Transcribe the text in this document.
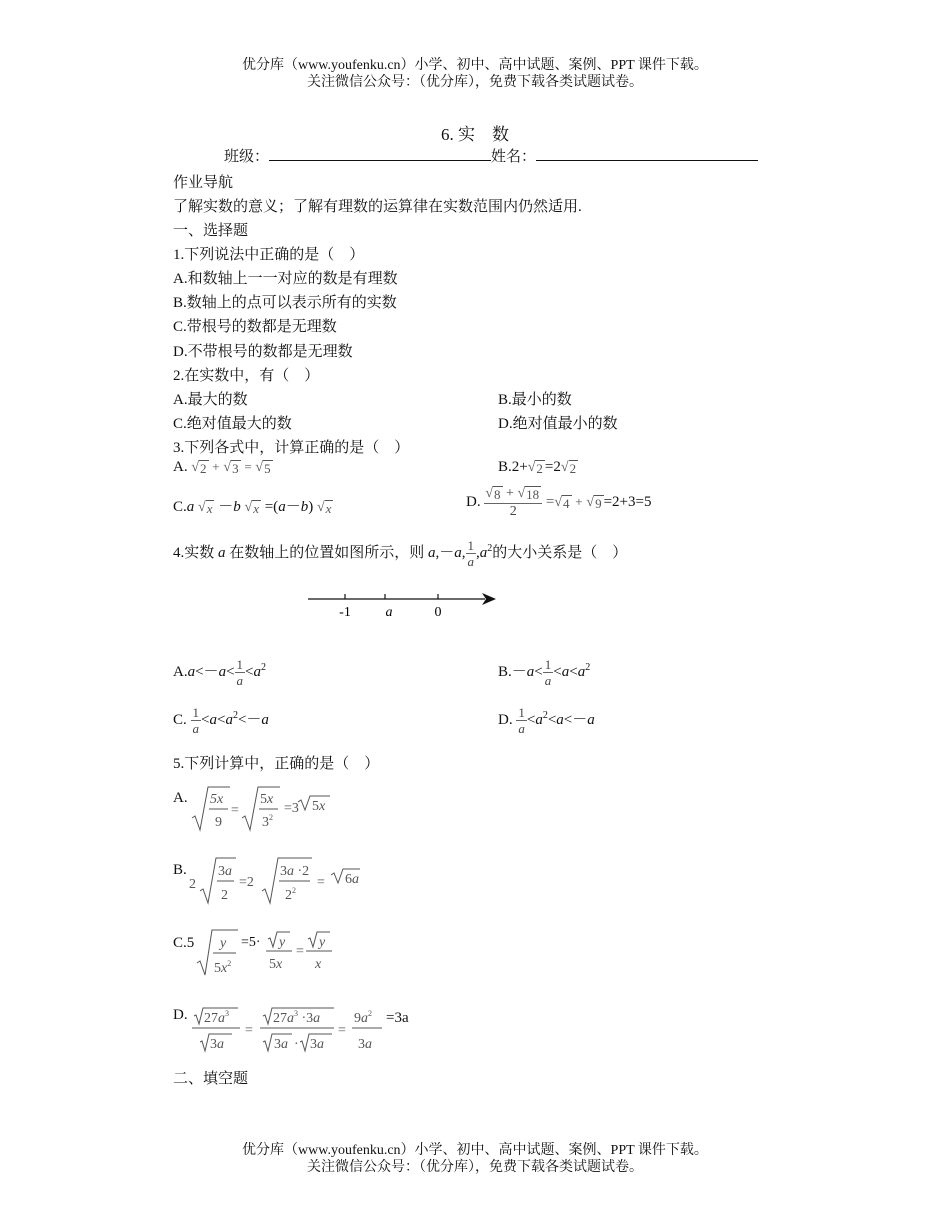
优分库（www.youfenku.cn）小学、初中、高中试题、案例、PPT 课件下载。
关注微信公众号：（优分库），免费下载各类试题试卷。
6. 实　数
班级：	姓名：
作业导航
了解实数的意义；了解有理数的运算律在实数范围内仍然适用.
一、选择题
1.下列说法中正确的是（　）
A.和数轴上一一对应的数是有理数
B.数轴上的点可以表示所有的实数
C.带根号的数都是无理数
D.不带根号的数都是无理数
2.在实数中，有（　）
A.最大的数	B.最小的数
C.绝对值最大的数	D.绝对值最小的数
3.下列各式中，计算正确的是（　）
A. √ 2 + √ 3 = √ 5	B.2+ √ 2 =2 √ 2
C.a √ x －b √ x =(a－b) √ x	D. $\frac{√ 8 + √ 18}{2}$ = √ 4 + √ 9 =2+3=5
4.实数 a 在数轴上的位置如图所示，则 a,－a, $\frac{1}{a} ,a^2$的大小关系是（　）
-1 a	0
$A.a<-a< \frac{1}{a} <a^2$	$B.-a< \frac{1}{a} <a<a^2$
C. $\frac{1}{a} <a<a^2<-a$	D. $\frac{1}{a} <a^2<a<-a$
5.下列计算中，正确的是（　）
A. 5x
9
=
5x
$3^2$
=3 5x
B.
2
3a
2
=2
3a ·2
$2^2$
= 6a
C.5 y
$5x^2$
=5· y
5x
=
y
x
D. $27a^3$
3a
=
$27a^3 \cdot 3a$
3a · 3a
=
$9a^2$
3a
=3a
二、填空题
优分库（www.youfenku.cn）小学、初中、高中试题、案例、PPT 课件下载。
关注微信公众号：（优分库），免费下载各类试题试卷。
